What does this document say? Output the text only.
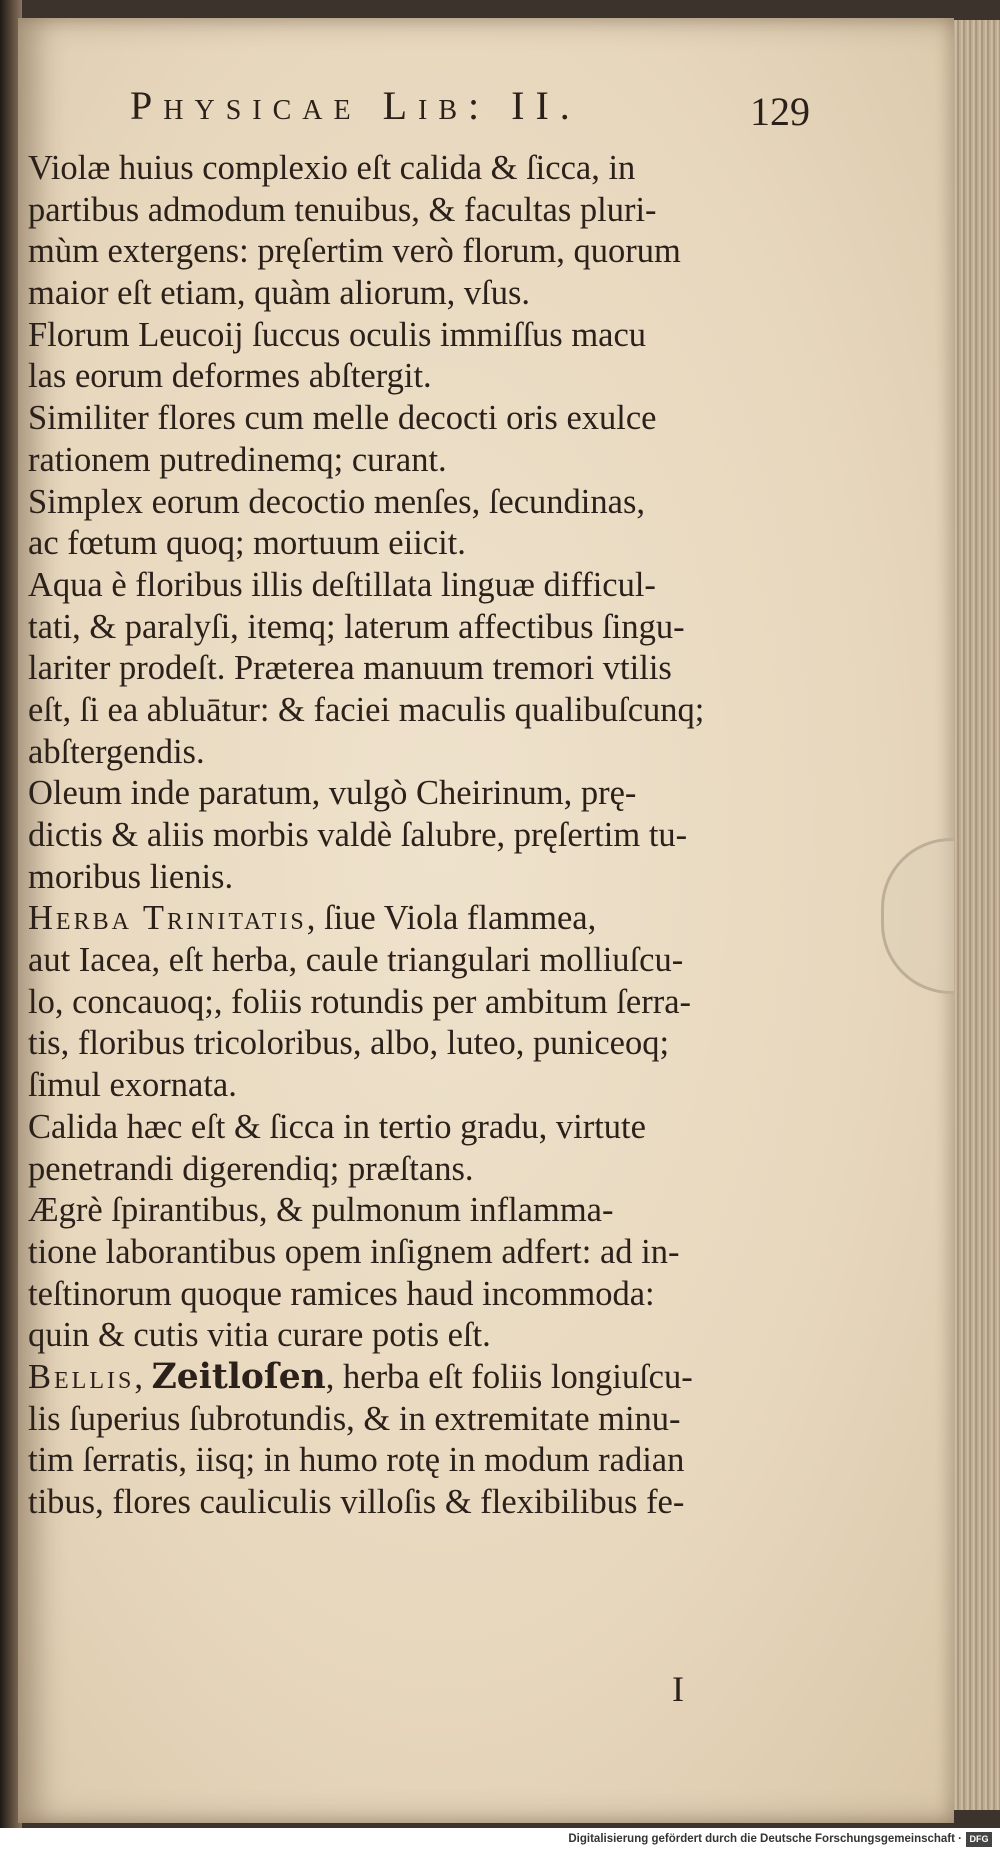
Physicae Lib: II.	129
Violæ huius complexio eſt calida & ſicca, in
partibus admodum tenuibus, & facultas pluri-
mùm extergens: pręſertim verò florum, quorum
maior eſt etiam, quàm aliorum, vſus.
Florum Leucoij ſuccus oculis immiſſus macu
las eorum deformes abſtergit.
Similiter flores cum melle decocti oris exulce
rationem putredinemq; curant.
Simplex eorum decoctio menſes, ſecundinas,
ac fœtum quoq; mortuum eiicit.
Aqua è floribus illis deſtillata linguæ difficul-
tati, & paralyſi, itemq; laterum affectibus ſingu-
lariter prodeſt. Præterea manuum tremori vtilis
eſt, ſi ea abluātur: & faciei maculis qualibuſcunq;
abſtergendis.
Oleum inde paratum, vulgò Cheirinum, prę-
dictis & aliis morbis valdè ſalubre, pręſertim tu-
moribus lienis.
Herba Trinitatis, ſiue Viola flammea,
aut Iacea, eſt herba, caule triangulari molliuſcu-
lo, concauoq;, foliis rotundis per ambitum ſerra-
tis, floribus tricoloribus, albo, luteo, puniceoq;
ſimul exornata.
Calida hæc eſt & ſicca in tertio gradu, virtute
penetrandi digerendiq; præſtans.
Ægrè ſpirantibus, & pulmonum inflamma-
tione laborantibus opem inſignem adfert: ad in-
teſtinorum quoque ramices haud incommoda:
quin & cutis vitia curare potis eſt.
Bellis, Zeitloſen, herba eſt foliis longiuſcu-
lis ſuperius ſubrotundis, & in extremitate minu-
tim ſerratis, iisq; in humo rotę in modum radian
tibus, flores cauliculis villoſis & flexibilibus fe-
I
Digitalisierung gefördert durch die Deutsche Forschungsgemeinschaft · DFG
